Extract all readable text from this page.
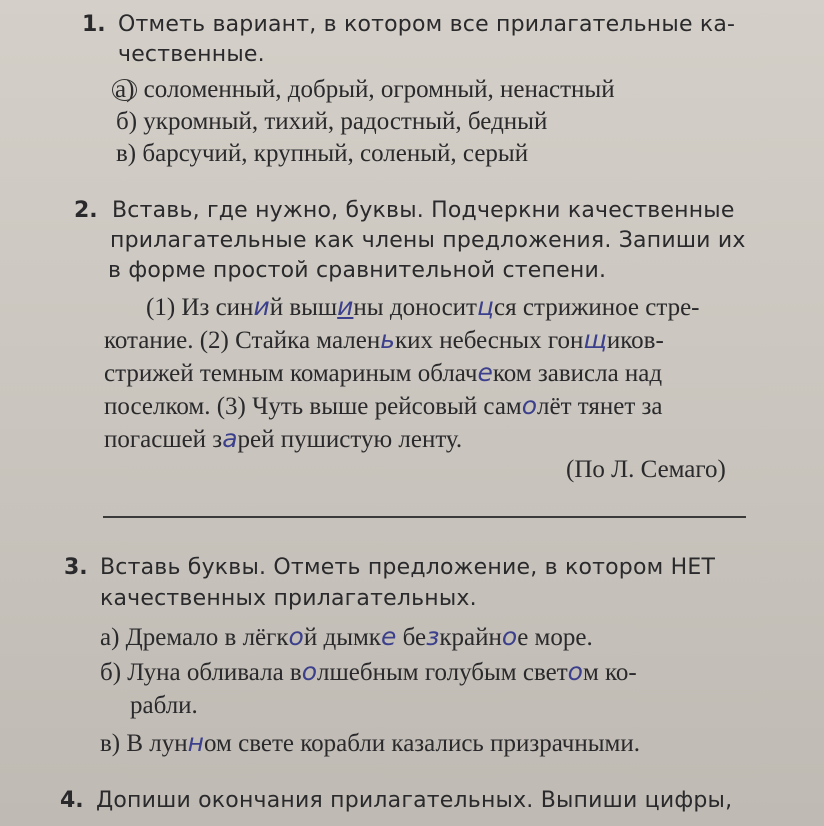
1. Отметь вариант, в котором все прилагательные ка-
чественные.
а) соломенный, добрый, огромный, ненастный
б) укромный, тихий, радостный, бедный
в) барсучий, крупный, соленый, серый
2. Вставь, где нужно, буквы. Подчеркни качественные
прилагательные как члены предложения. Запиши их
в форме простой сравнительной степени.
(1) Из синий вышины доноситцся стрижиное стре-
котание. (2) Стайка маленьких небесных гонщиков-
стрижей темным комариным облачеком зависла над
поселком. (3) Чуть выше рейсовый самолёт тянет за
погасшей зарей пушистую ленту.
(По Л. Семаго)
3. Вставь буквы. Отметь предложение, в котором НЕТ
качественных прилагательных.
а) Дремало в лёгкой дымке безкрайное море.
б) Луна обливала волшебным голубым светом ко-
рабли.
в) В лунном свете корабли казались призрачными.
4. Допиши окончания прилагательных. Выпиши цифры,
